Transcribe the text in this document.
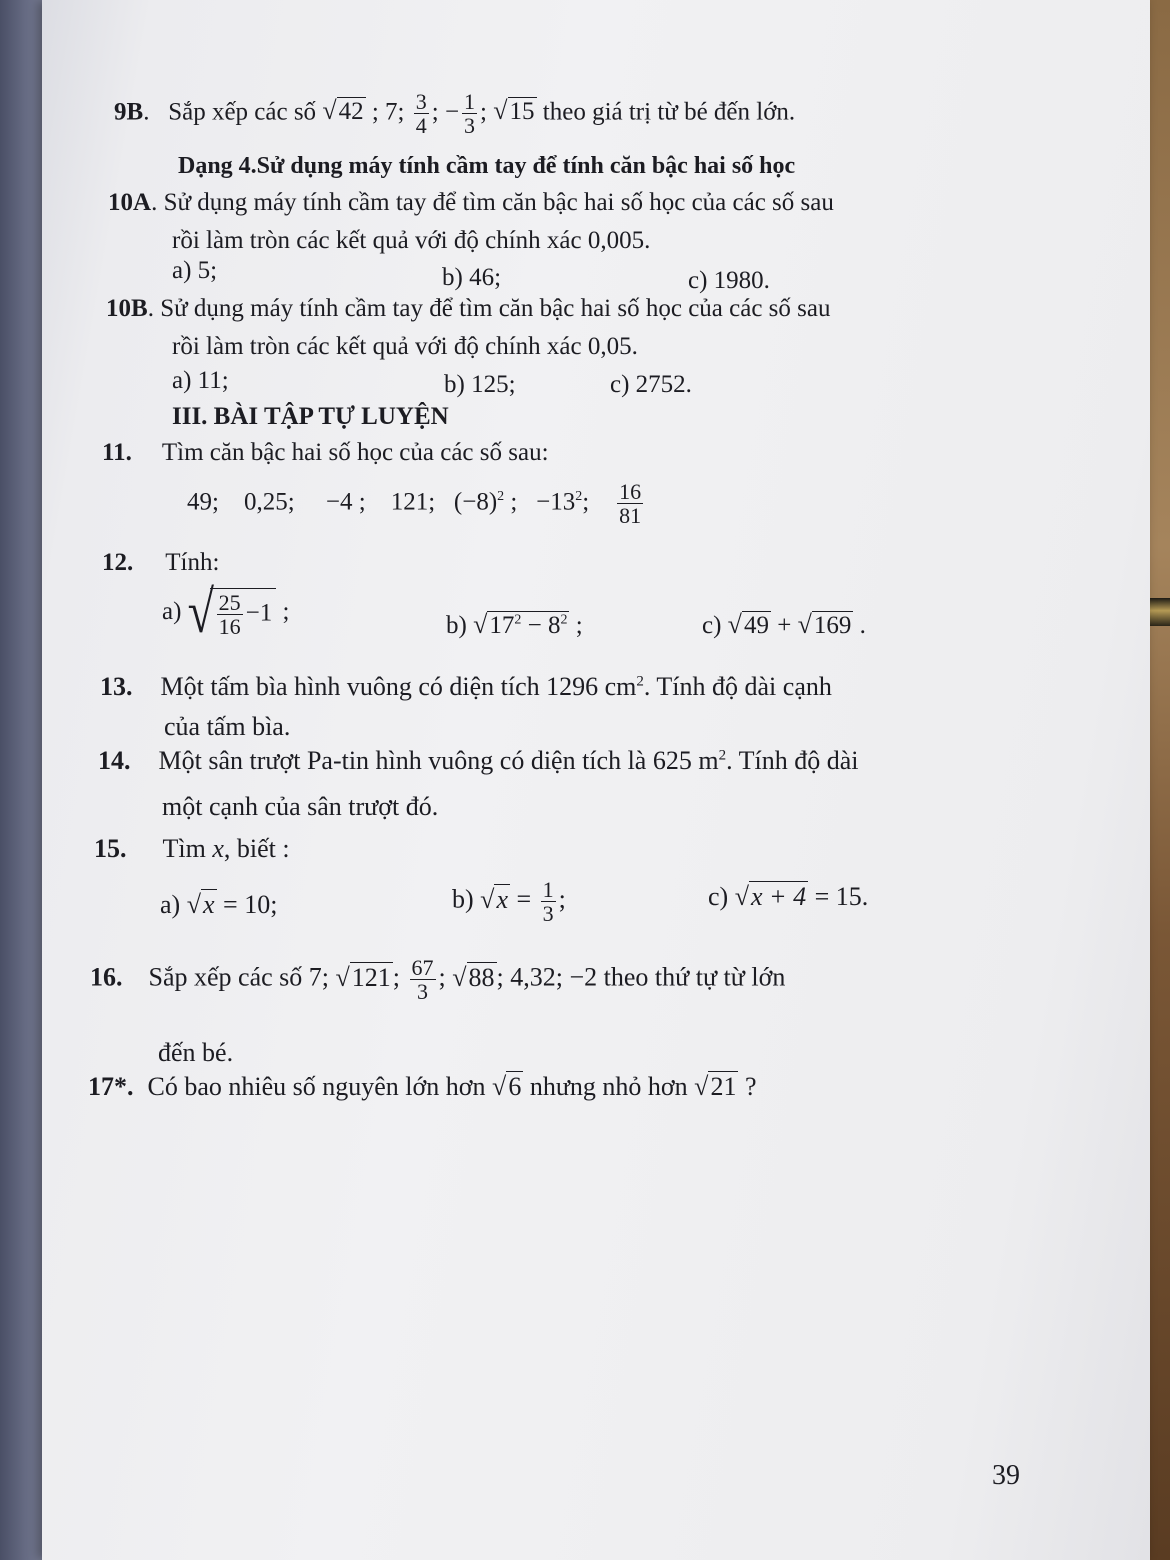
9B.   Sắp xếp các số √42 ; 7; $\frac{3}{4}$ ; − $\frac{1}{3}$ ; √15 theo giá trị từ bé đến lớn.
Dạng 4.Sử dụng máy tính cầm tay để tính căn bậc hai số học
10A. Sử dụng máy tính cầm tay để tìm căn bậc hai số học của các số sau
rồi làm tròn các kết quả với độ chính xác 0,005.
a) 5;	b) 46;	c) 1980.
10B. Sử dụng máy tính cầm tay để tìm căn bậc hai số học của các số sau
rồi làm tròn các kết quả với độ chính xác 0,05.
a) 11;	b) 125;	c) 2752.
III. BÀI TẬP TỰ LUYỆN
11. Tìm căn bậc hai số học của các số sau:
49; 0,25; −4 ; 121; $(-8)^2$ ; $-13^2$; $\frac{16}{81}$
12. Tính:
a) √ $\frac{25}{16} -1$ ;
b) $√17^2 - 8^2$ ;	c) √49 + √169 .
13. Một tấm bìa hình vuông có diện tích 1296 $cm^2$. Tính độ dài cạnh
của tấm bìa.
14. Một sân trượt Pa-tin hình vuông có diện tích là 625 $m^2$. Tính độ dài
một cạnh của sân trượt đó.
15. Tìm x, biết :
a) √x = 10;	b) $√x = \frac{1}{3}$ ;	c) √x + 4 = 15.
16. Sắp xếp các số 7; √121; $\frac{67}{3}$ ; √88; 4,32; −2 theo thứ tự từ lớn
đến bé.
17*. Có bao nhiêu số nguyên lớn hơn √6 nhưng nhỏ hơn √21 ?
39
